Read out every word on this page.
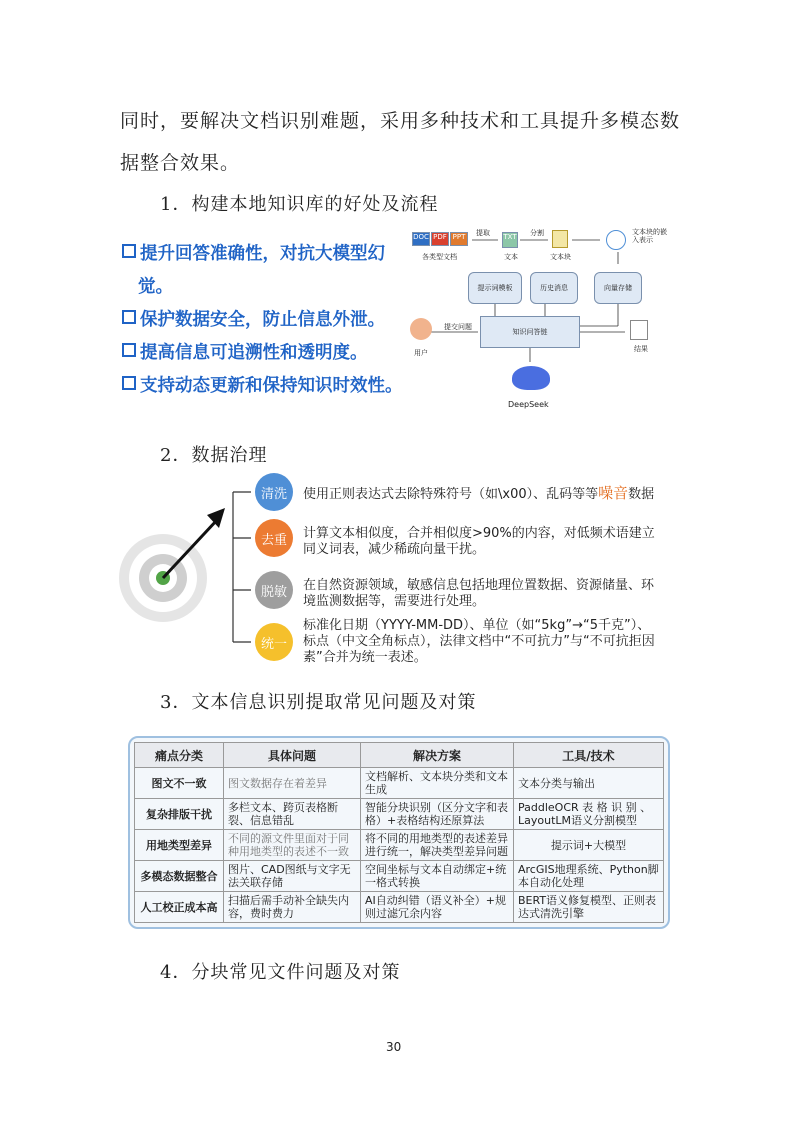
同时，要解决文档识别难题，采用多种技术和工具提升多模态数据整合效果。
1．构建本地知识库的好处及流程
提升回答准确性，对抗大模型幻
觉。
保护数据安全，防止信息外泄。
提高信息可追溯性和透明度。
支持动态更新和保持知识时效性。
DOC PDF PPT
各类型文档
提取 TXT
文本
分割
文本块
文本块的嵌入表示
提示词模板	历史消息	向量存储
用户
提交问题
知识问答链
结果
DeepSeek
2．数据治理
清洗
去重
脱敏
统一
使用正则表达式去除特殊符号（如\x00）、乱码等等噪音数据
计算文本相似度，合并相似度>90%的内容，对低频术语建立同义词表，减少稀疏向量干扰。
在自然资源领域，敏感信息包括地理位置数据、资源储量、环境监测数据等，需要进行处理。
标准化日期（YYYY-MM-DD）、单位（如“5kg”→“5千克”）、标点（中文全角标点），法律文档中“不可抗力”与“不可抗拒因素”合并为统一表述。
3．文本信息识别提取常见问题及对策
痛点分类	具体问题	解决方案	工具/技术
图文不一致	图文数据存在着差异	文档解析、文本块分类和文本生成	文本分类与输出
复杂排版干扰	多栏文本、跨页表格断裂、信息错乱	智能分块识别（区分文字和表格）+表格结构还原算法	PaddleOCR 表 格 识 别 、LayoutLM语义分割模型
用地类型差异	不同的源文件里面对于同种用地类型的表述不一致	将不同的用地类型的表述差异进行统一，解决类型差异问题	提示词+大模型
多模态数据整合	图片、CAD图纸与文字无法关联存储	空间坐标与文本自动绑定+统一格式转换	ArcGIS地理系统、Python脚本自动化处理
人工校正成本高	扫描后需手动补全缺失内容，费时费力	AI自动纠错（语义补全）+规则过滤冗余内容	BERT语义修复模型、正则表达式清洗引擎
4．分块常见文件问题及对策
30
